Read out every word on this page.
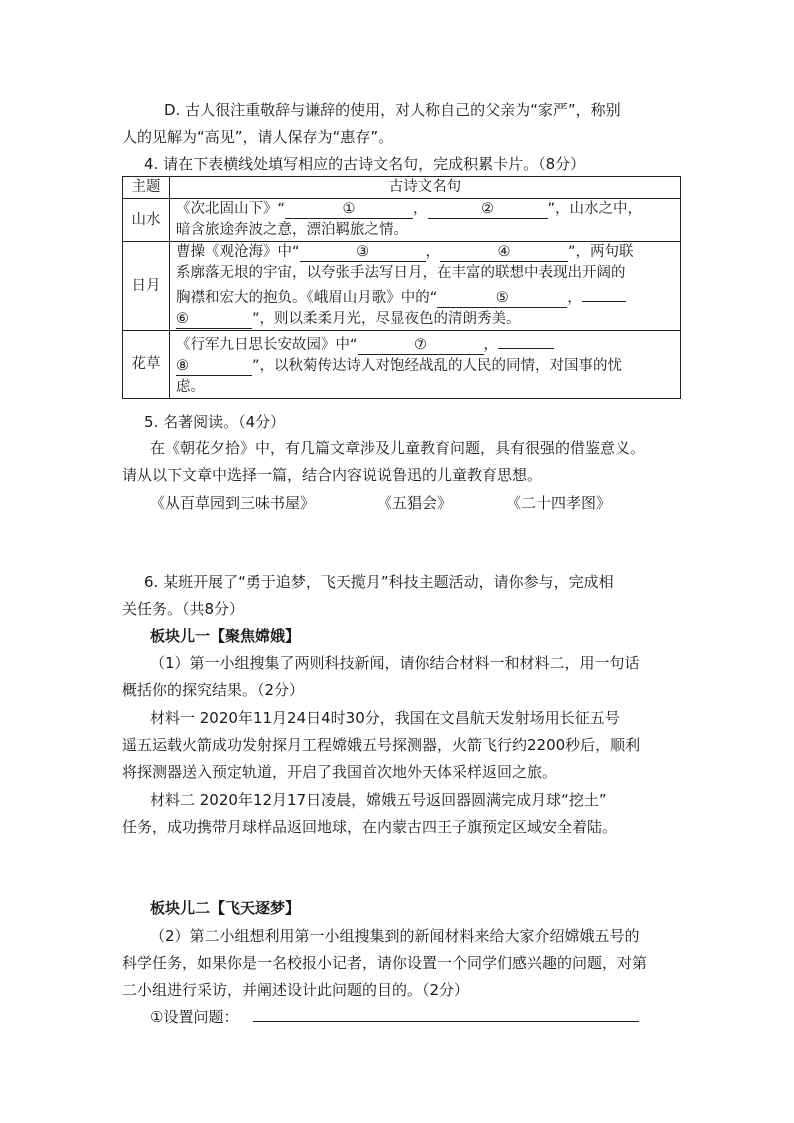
D. 古人很注重敬辞与谦辞的使用，对人称自己的父亲为“家严”，称别
人的见解为“高见”，请人保存为“惠存”。
4. 请在下表横线处填写相应的古诗文名句，完成积累卡片。（8分）
主题	古诗文名句
山水	《次北固山下》“ ① ， ② ”，山水之中，
暗含旅途奔波之意，漂泊羁旅之情。

日月	曹操《观沧海》中“ ③ ， ④ ”，两句联
系廓落无垠的宇宙，以夸张手法写日月，在丰富的联想中表现出开阔的
胸襟和宏大的抱负。《峨眉山月歌》中的“ ⑤ ，
⑥ ”，则以柔柔月光，尽显夜色的清朗秀美。

花草	《行军九日思长安故园》中“ ⑦ ，
⑧ ”，以秋菊传达诗人对饱经战乱的人民的同情，对国事的忧
虑。
5. 名著阅读。（4分）
在《朝花夕拾》中，有几篇文章涉及儿童教育问题，具有很强的借鉴意义。
请从以下文章中选择一篇，结合内容说说鲁迅的儿童教育思想。
《从百草园到三味书屋》	《五猖会》	《二十四孝图》
6. 某班开展了“勇于追梦，飞天揽月”科技主题活动，请你参与，完成相
关任务。（共8分）
板块儿一【聚焦嫦娥】
（1）第一小组搜集了两则科技新闻，请你结合材料一和材料二，用一句话
概括你的探究结果。（2分）
材料一 2020年11月24日4时30分，我国在文昌航天发射场用长征五号
遥五运载火箭成功发射探月工程嫦娥五号探测器，火箭飞行约2200秒后，顺利
将探测器送入预定轨道，开启了我国首次地外天体采样返回之旅。
材料二 2020年12月17日凌晨，嫦娥五号返回器圆满完成月球“挖土”
任务，成功携带月球样品返回地球，在内蒙古四王子旗预定区域安全着陆。
板块儿二【飞天逐梦】
（2）第二小组想利用第一小组搜集到的新闻材料来给大家介绍嫦娥五号的
科学任务，如果你是一名校报小记者，请你设置一个同学们感兴趣的问题，对第
二小组进行采访，并阐述设计此问题的目的。（2分）
①设置问题：
